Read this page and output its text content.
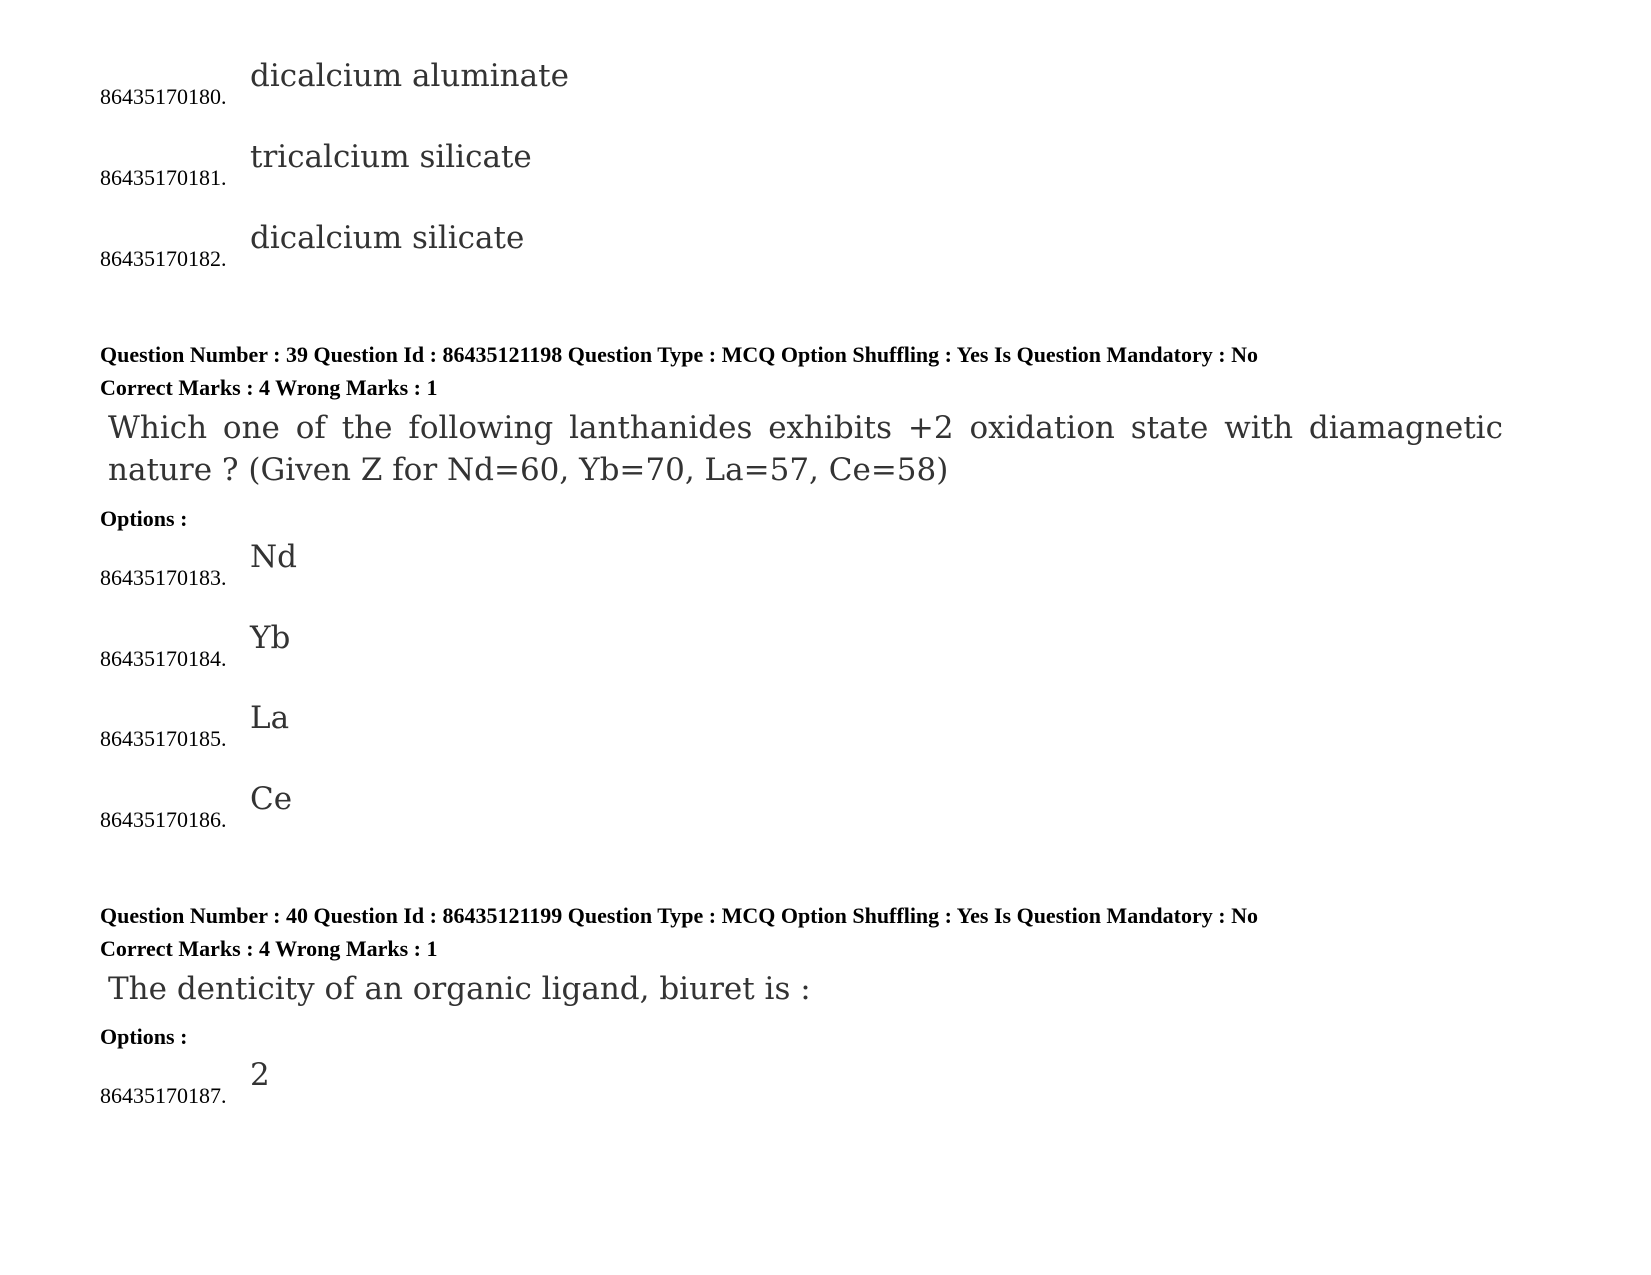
86435170180.
dicalcium aluminate
86435170181.
tricalcium silicate
86435170182.
dicalcium silicate
Question Number : 39 Question Id : 86435121198 Question Type : MCQ Option Shuffling : Yes Is Question Mandatory : No
Correct Marks : 4 Wrong Marks : 1
Which one of the following lanthanides exhibits +2 oxidation state with diamagnetic
nature ? (Given Z for Nd=60, Yb=70, La=57, Ce=58)
Options :
86435170183.
Nd
86435170184.
Yb
86435170185.
La
86435170186.
Ce
Question Number : 40 Question Id : 86435121199 Question Type : MCQ Option Shuffling : Yes Is Question Mandatory : No
Correct Marks : 4 Wrong Marks : 1
The denticity of an organic ligand, biuret is :
Options :
86435170187.
2
